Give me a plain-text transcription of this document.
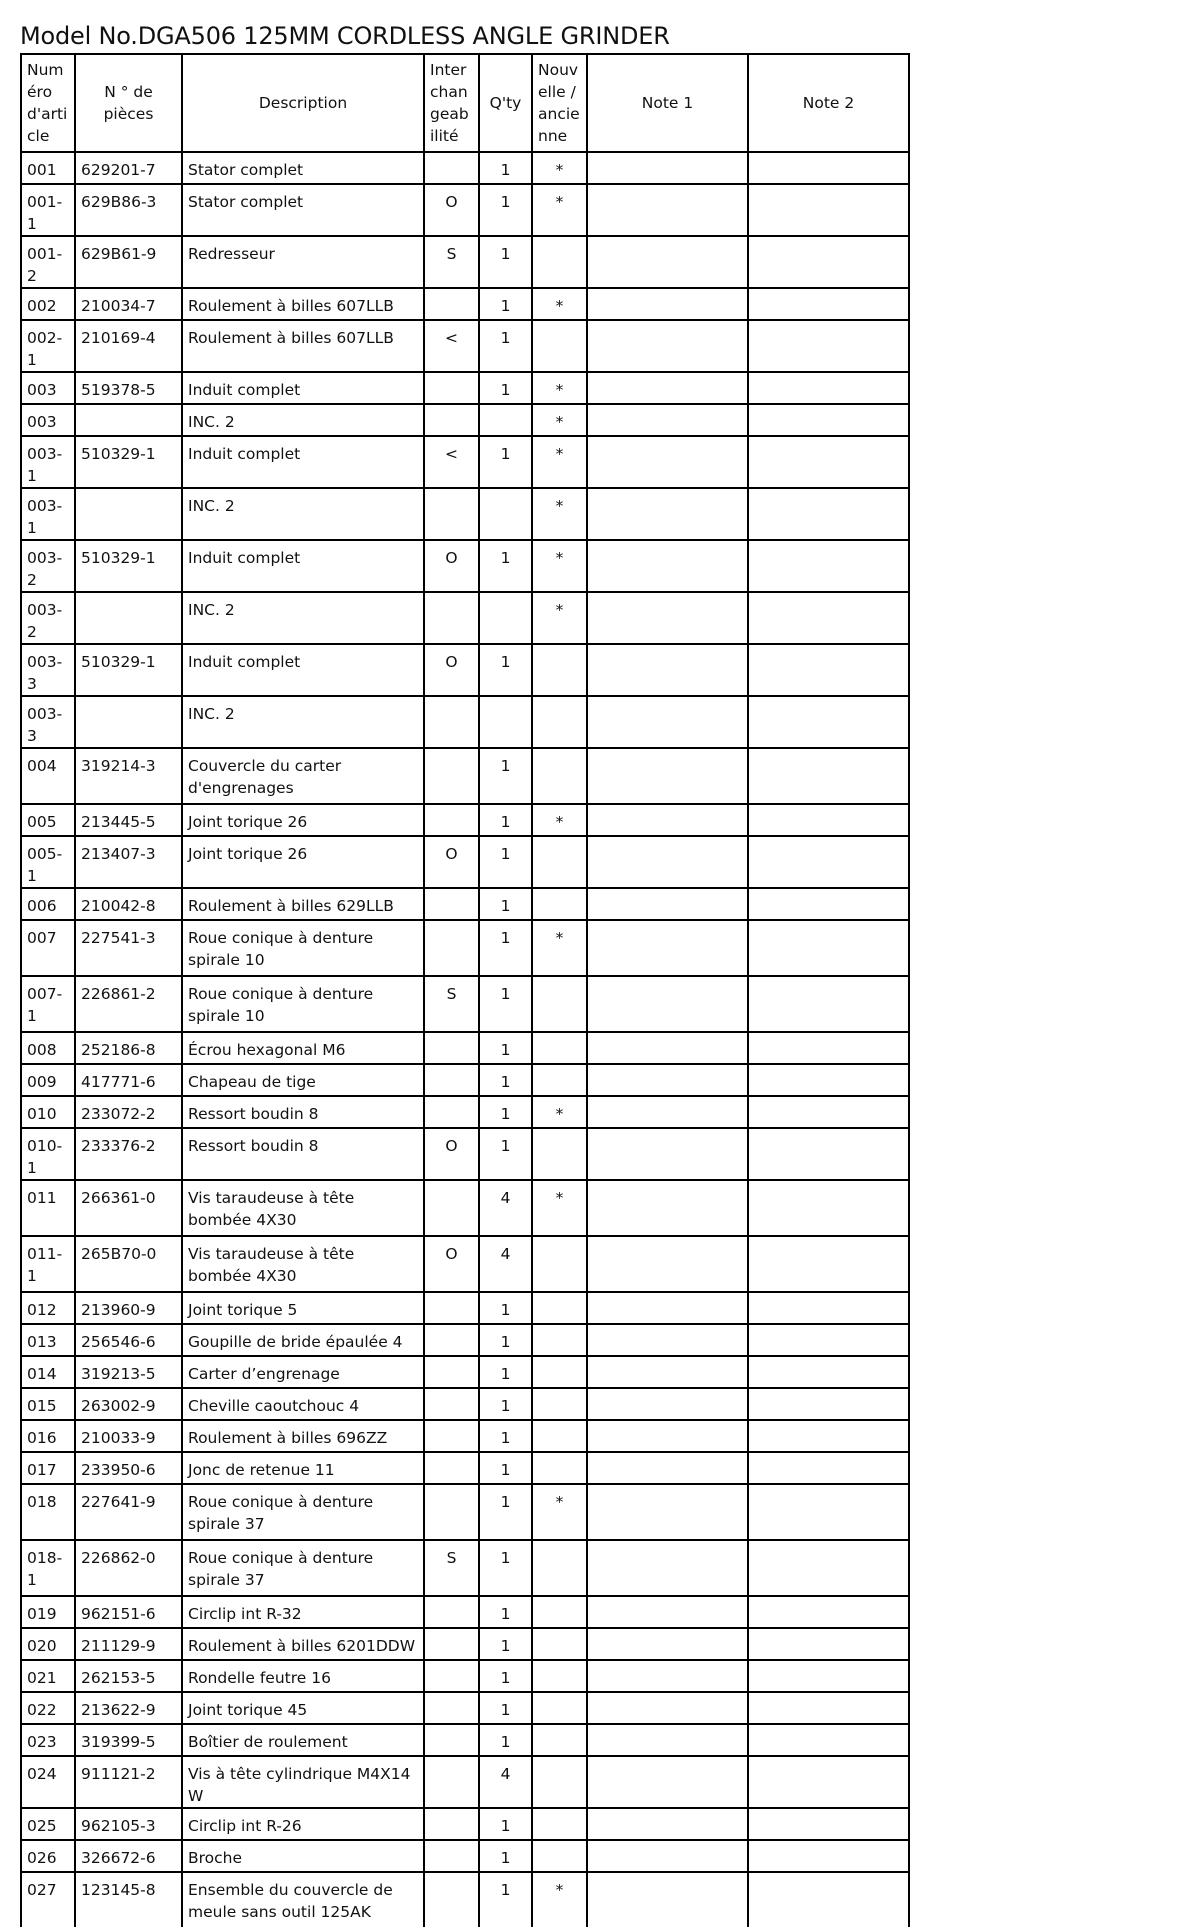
Model No.DGA506 125MM CORDLESS ANGLE GRINDER
Numéro d'article	N ° de pièces	Description	Interchangeabilité	Q'ty	Nouvelle / ancienne	Note 1	Note 2
001	629201-7	Stator complet		1	*		
001-1	629B86-3	Stator complet	O	1	*		
001-2	629B61-9	Redresseur	S	1			
002	210034-7	Roulement à billes 607LLB		1	*		
002-1	210169-4	Roulement à billes 607LLB	<	1			
003	519378-5	Induit complet		1	*		
003		INC. 2			*		
003-1	510329-1	Induit complet	<	1	*		
003-1		INC. 2			*		
003-2	510329-1	Induit complet	O	1	*		
003-2		INC. 2			*		
003-3	510329-1	Induit complet	O	1			
003-3		INC. 2					
004	319214-3	Couvercle du carter d'engrenages		1			
005	213445-5	Joint torique 26		1	*		
005-1	213407-3	Joint torique 26	O	1			
006	210042-8	Roulement à billes 629LLB		1			
007	227541-3	Roue conique à denture spirale 10		1	*		
007-1	226861-2	Roue conique à denture spirale 10	S	1			
008	252186-8	Écrou hexagonal M6		1			
009	417771-6	Chapeau de tige		1			
010	233072-2	Ressort boudin 8		1	*		
010-1	233376-2	Ressort boudin 8	O	1			
011	266361-0	Vis taraudeuse à tête bombée 4X30		4	*		
011-1	265B70-0	Vis taraudeuse à tête bombée 4X30	O	4			
012	213960-9	Joint torique 5		1			
013	256546-6	Goupille de bride épaulée 4		1			
014	319213-5	Carter d’engrenage		1			
015	263002-9	Cheville caoutchouc 4		1			
016	210033-9	Roulement à billes 696ZZ		1			
017	233950-6	Jonc de retenue 11		1			
018	227641-9	Roue conique à denture spirale 37		1	*		
018-1	226862-0	Roue conique à denture spirale 37	S	1			
019	962151-6	Circlip int R-32		1			
020	211129-9	Roulement à billes 6201DDW		1			
021	262153-5	Rondelle feutre 16		1			
022	213622-9	Joint torique 45		1			
023	319399-5	Boîtier de roulement		1			
024	911121-2	Vis à tête cylindrique M4X14 W		4			
025	962105-3	Circlip int R-26		1			
026	326672-6	Broche		1			
027	123145-8	Ensemble du couvercle de meule sans outil 125AK		1	*		
